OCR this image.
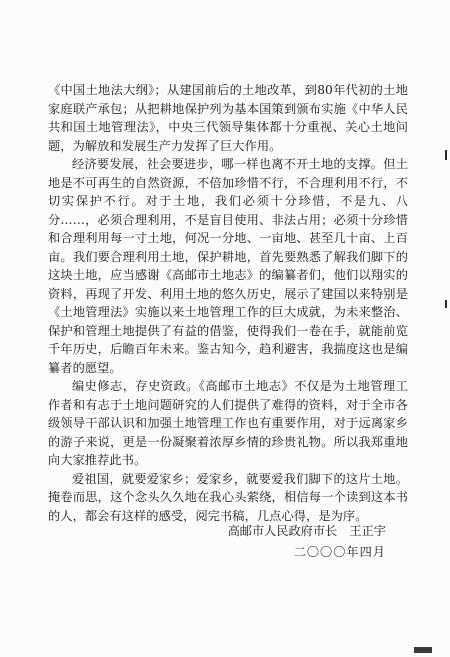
《中国土地法大纲》；从建国前后的土地改革，到80年代初的土地家庭联产承包；从把耕地保护列为基本国策到颁布实施《中华人民共和国土地管理法》，中央三代领导集体都十分重视、关心土地问题，为解放和发展生产力发挥了巨大作用。

经济要发展，社会要进步，哪一样也离不开土地的支撑。但土地是不可再生的自然资源，不倍加珍惜不行，不合理利用不行，不切实保护不行。对于土地，我们必须十分珍惜，不是九、八分……，必须合理利用，不是盲目使用、非法占用；必须十分珍惜和合理利用每一寸土地，何况一分地、一亩地、甚至几十亩、上百亩。我们要合理利用土地，保护耕地，首先要熟悉了解我们脚下的这块土地，应当感谢《高邮市土地志》的编纂者们，他们以翔实的资料，再现了开发、利用土地的悠久历史，展示了建国以来特别是《土地管理法》实施以来土地管理工作的巨大成就，为未来整治、保护和管理土地提供了有益的借鉴，使得我们一卷在手，就能前览千年历史，后瞻百年未来。鉴古知今，趋利避害，我揣度这也是编纂者的愿望。

编史修志，存史资政。《高邮市土地志》不仅是为土地管理工作者和有志于土地问题研究的人们提供了难得的资料，对于全市各级领导干部认识和加强土地管理工作也有重要作用，对于远离家乡的游子来说，更是一份凝聚着浓厚乡情的珍贵礼物。所以我郑重地向大家推荐此书。

爱祖国，就要爱家乡；爱家乡，就要爱我们脚下的这片土地。掩卷而思，这个念头久久地在我心头萦绕，相信每一个读到这本书的人，都会有这样的感受，阅完书稿，几点心得，是为序。

高邮市人民政府市长　王正宇
二〇〇〇年四月
